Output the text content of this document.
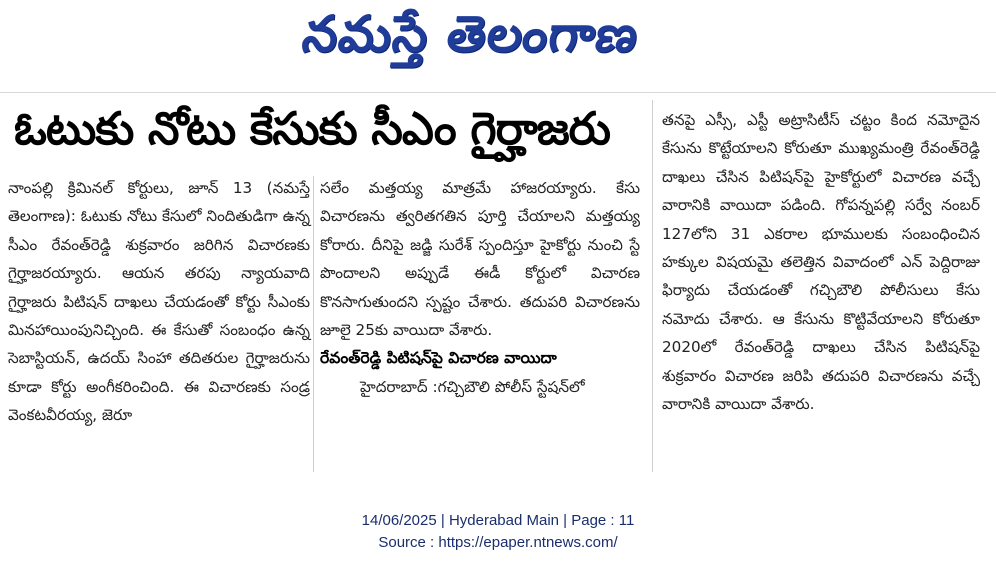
నమస్తే తెలంగాణ
ఓటుకు నోటు కేసుకు సీఎం గైర్హాజరు

నాంపల్లి క్రిమినల్ కోర్టులు, జూన్ 13 (నమస్తే తెలంగాణ): ఓటుకు నోటు కేసులో నిందితుడిగా ఉన్న సీఎం రేవంత్‌రెడ్డి శుక్రవారం జరిగిన విచారణకు గైర్హాజరయ్యారు. ఆయన తరపు న్యాయవాది గైర్హాజరు పిటిషన్ దాఖలు చేయడంతో కోర్టు సీఎంకు మినహాయింపునిచ్చింది. ఈ కేసుతో సంబంధం ఉన్న సెబాస్టియన్, ఉదయ్ సింహా తదితరుల గైర్హాజరును కూడా కోర్టు అంగీకరించింది. ఈ విచారణకు సండ్ర వెంకటవీరయ్య, జెరూ

సలేం మత్తయ్య మాత్రమే హాజరయ్యారు. కేసు విచారణను త్వరితగతిన పూర్తి చేయాలని మత్తయ్య కోరారు. దీనిపై జడ్జి సురేశ్ స్పందిస్తూ హైకోర్టు నుంచి స్టే పొందాలని అప్పుడే ఈడీ కోర్టులో విచారణ కొనసాగుతుందని స్పష్టం చేశారు. తదుపరి విచారణను జూలై 25కు వాయిదా వేశారు.

రేవంత్‌రెడ్డి పిటిషన్‌పై విచారణ వాయిదా

హైదరాబాద్ :గచ్చిబౌలి పోలీస్ స్టేషన్‌లో

తనపై ఎస్సీ, ఎస్టీ అట్రాసిటీస్ చట్టం కింద నమోదైన కేసును కొట్టేయాలని కోరుతూ ముఖ్యమంత్రి రేవంత్‌రెడ్డి దాఖలు చేసిన పిటిషన్‌పై హైకోర్టులో విచారణ వచ్చే వారానికి వాయిదా పడింది. గోపన్నపల్లి సర్వే నంబర్ 127లోని 31 ఎకరాల భూములకు సంబంధించిన హక్కుల విషయమై తలెత్తిన వివాదంలో ఎన్ పెద్దిరాజు ఫిర్యాదు చేయడంతో గచ్చిబౌలి పోలీసులు కేసు నమోదు చేశారు. ఆ కేసును కొట్టివేయాలని కోరుతూ 2020లో రేవంత్‌రెడ్డి దాఖలు చేసిన పిటిషన్‌పై శుక్రవారం విచారణ జరిపి తదుపరి విచారణను వచ్చే వారానికి వాయిదా వేశారు.

14/06/2025 | Hyderabad Main | Page : 11
Source : https://epaper.ntnews.com/
